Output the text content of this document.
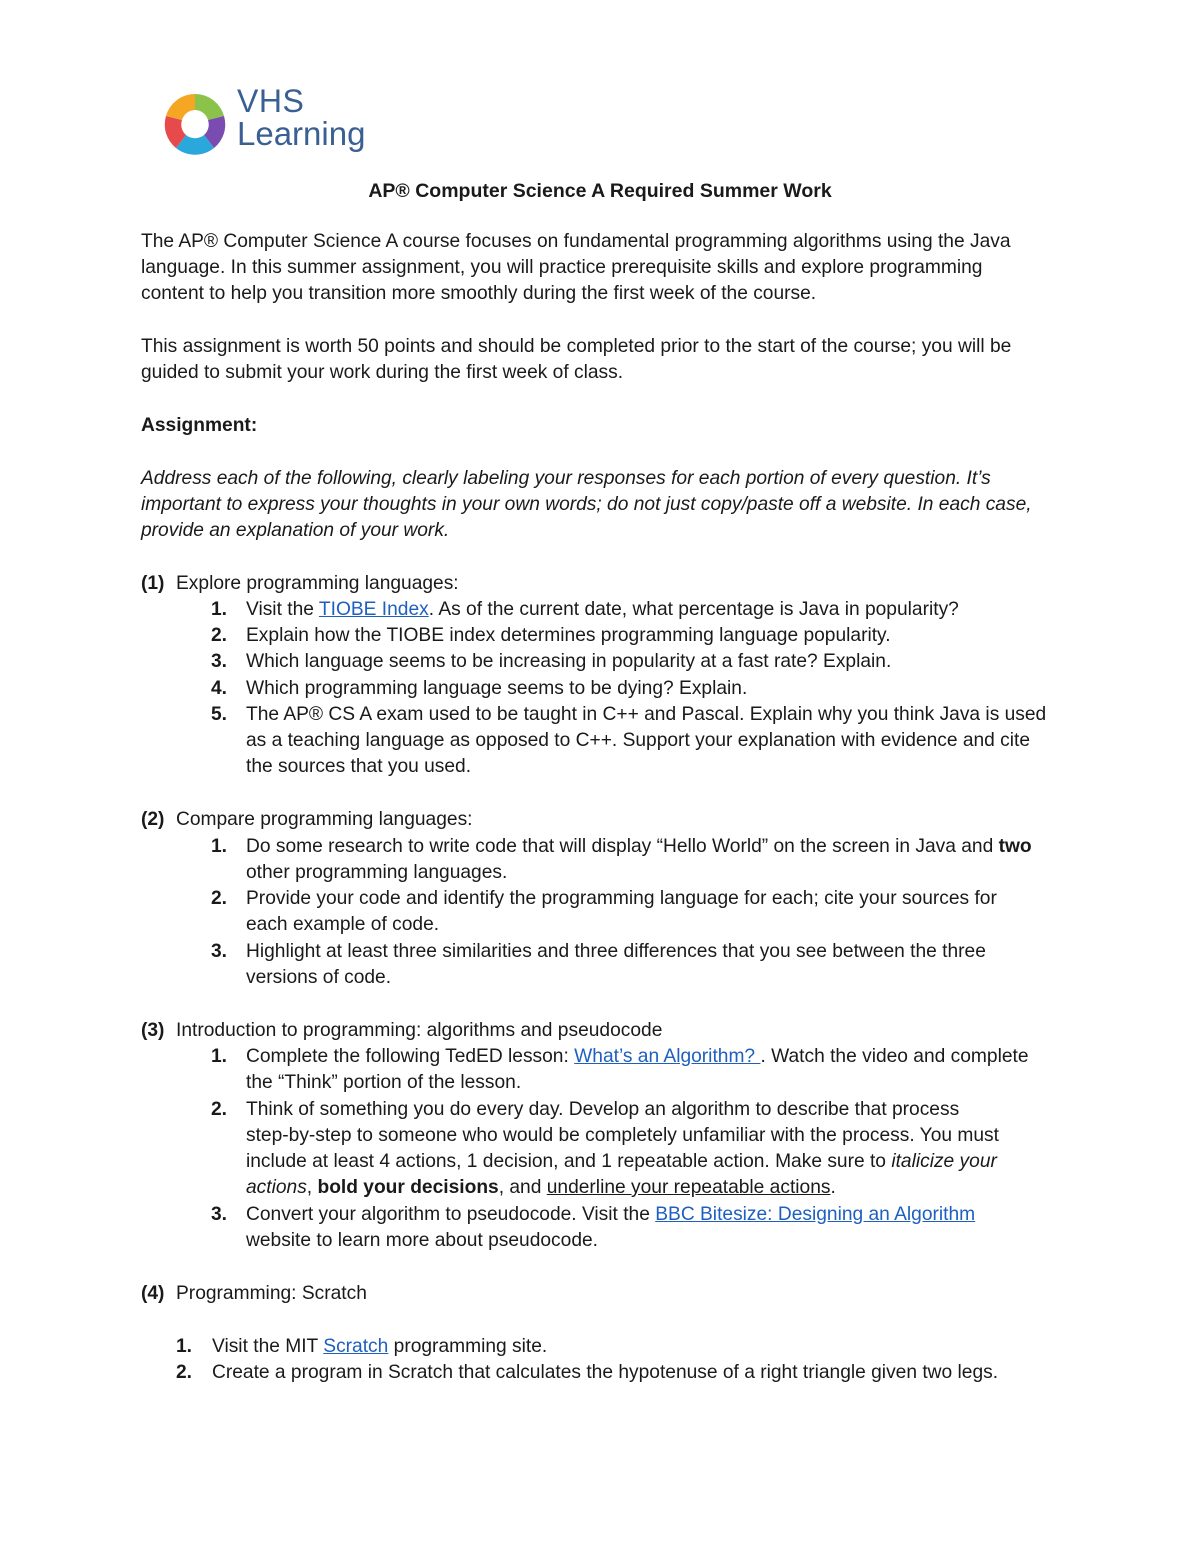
VHS
Learning
AP® Computer Science A Required Summer Work
The AP® Computer Science A course focuses on fundamental programming algorithms using the Java
language. In this summer assignment, you will practice prerequisite skills and explore programming
content to help you transition more smoothly during the first week of the course.
This assignment is worth 50 points and should be completed prior to the start of the course; you will be
guided to submit your work during the first week of class.
Assignment:
Address each of the following, clearly labeling your responses for each portion of every question. It’s
important to express your thoughts in your own words; do not just copy/paste off a website. In each case,
provide an explanation of your work.
(1) Explore programming languages:
1. Visit the TIOBE Index. As of the current date, what percentage is Java in popularity?
2. Explain how the TIOBE index determines programming language popularity.
3. Which language seems to be increasing in popularity at a fast rate? Explain.
4. Which programming language seems to be dying? Explain.
5. The AP® CS A exam used to be taught in C++ and Pascal. Explain why you think Java is used
as a teaching language as opposed to C++. Support your explanation with evidence and cite
the sources that you used.
(2) Compare programming languages:
1. Do some research to write code that will display “Hello World” on the screen in Java and two
other programming languages.
2. Provide your code and identify the programming language for each; cite your sources for
each example of code.
3. Highlight at least three similarities and three differences that you see between the three
versions of code.
(3) Introduction to programming: algorithms and pseudocode
1. Complete the following TedED lesson: What’s an Algorithm? . Watch the video and complete
the “Think” portion of the lesson.
2. Think of something you do every day. Develop an algorithm to describe that process
step-by-step to someone who would be completely unfamiliar with the process. You must
include at least 4 actions, 1 decision, and 1 repeatable action. Make sure to italicize your
actions, bold your decisions, and underline your repeatable actions.
3. Convert your algorithm to pseudocode. Visit the BBC Bitesize: Designing an Algorithm
website to learn more about pseudocode.
(4) Programming: Scratch
1. Visit the MIT Scratch programming site.
2. Create a program in Scratch that calculates the hypotenuse of a right triangle given two legs.
